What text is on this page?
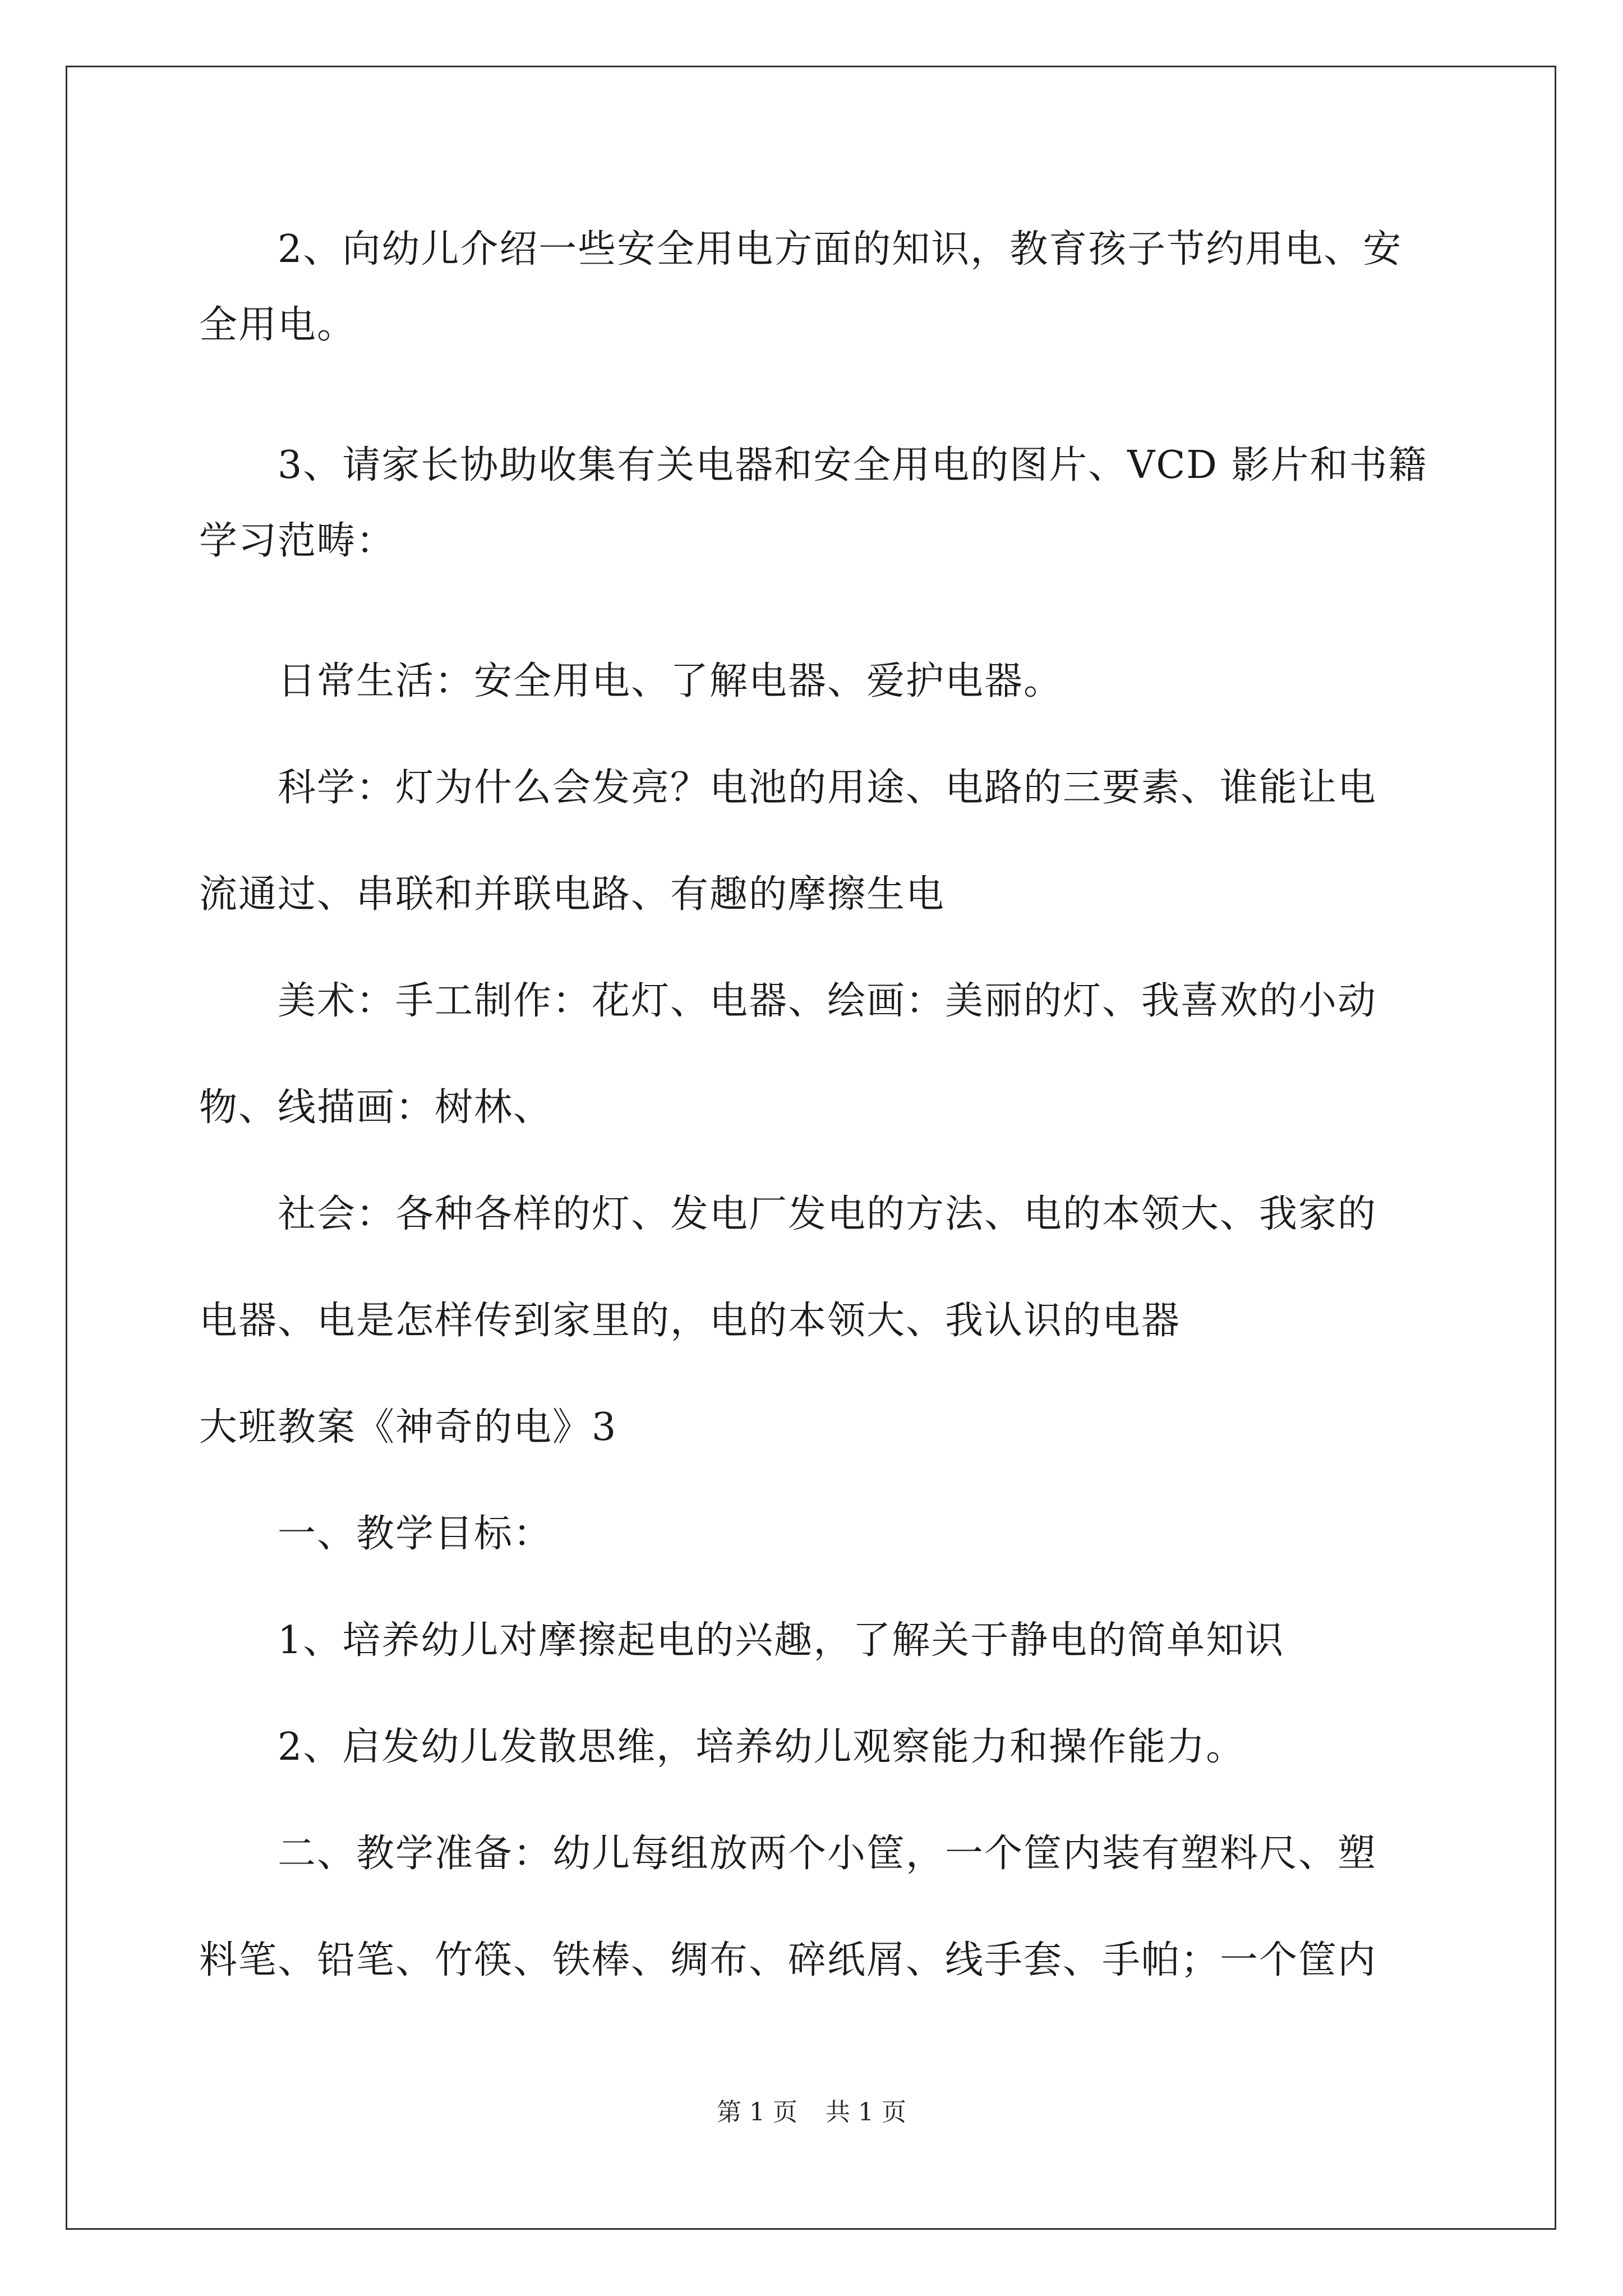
2、向幼儿介绍一些安全用电方面的知识，教育孩子节约用电、安
全用电。
3、请家长协助收集有关电器和安全用电的图片、VCD 影片和书籍
学习范畴：
日常生活：安全用电、了解电器、爱护电器。
科学：灯为什么会发亮？电池的用途、电路的三要素、谁能让电
流通过、串联和并联电路、有趣的摩擦生电
美术：手工制作：花灯、电器、绘画：美丽的灯、我喜欢的小动
物、线描画：树林、
社会：各种各样的灯、发电厂发电的方法、电的本领大、我家的
电器、电是怎样传到家里的，电的本领大、我认识的电器
大班教案《神奇的电》3
一、教学目标：
1、培养幼儿对摩擦起电的兴趣，了解关于静电的简单知识
2、启发幼儿发散思维，培养幼儿观察能力和操作能力。
二、教学准备：幼儿每组放两个小筐，一个筐内装有塑料尺、塑
料笔、铅笔、竹筷、铁棒、绸布、碎纸屑、线手套、手帕；一个筐内
第 1 页 共 1 页
